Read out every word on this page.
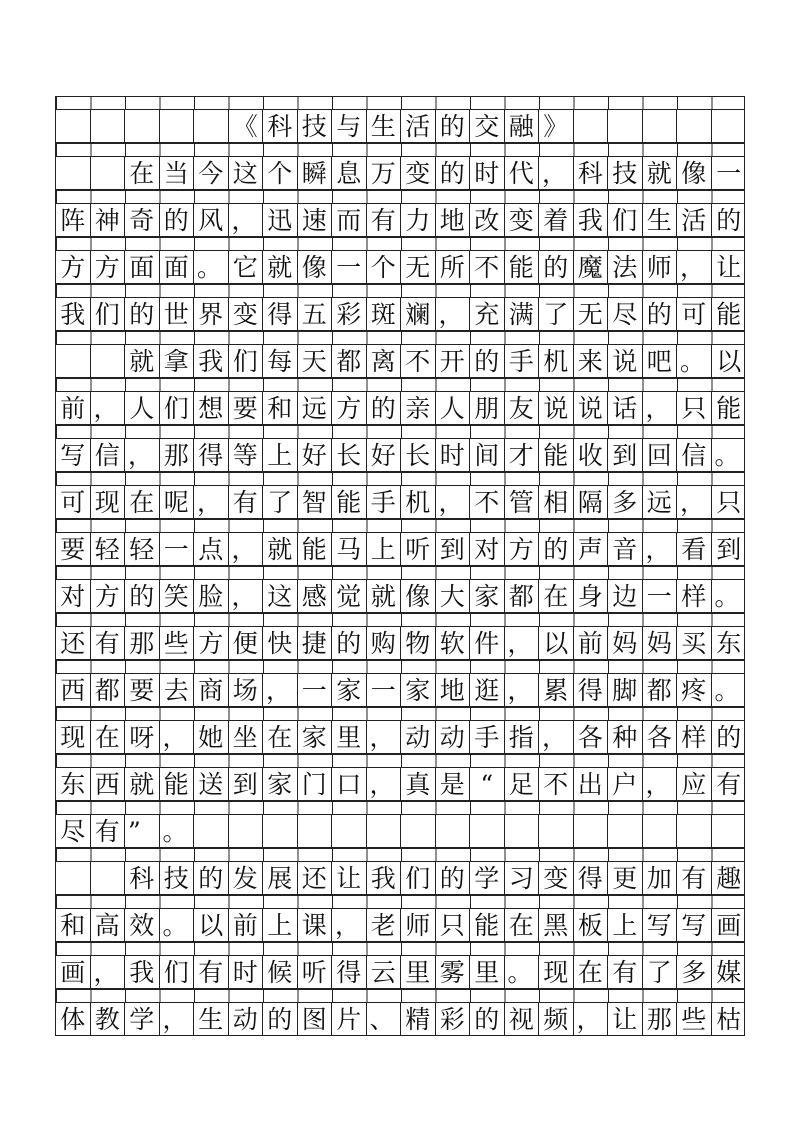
《 科 技 与 生 活 的 交 融 》
在 当 今 这 个 瞬 息 万 变 的 时 代 ， 科 技 就 像 一
阵 神 奇 的 风 ， 迅 速 而 有 力 地 改 变 着 我 们 生 活 的
方 方 面 面 。 它 就 像 一 个 无 所 不 能 的 魔 法 师 ， 让
我 们 的 世 界 变 得 五 彩 斑 斓 ， 充 满 了 无 尽 的 可 能
就 拿 我 们 每 天 都 离 不 开 的 手 机 来 说 吧 。 以
前 ， 人 们 想 要 和 远 方 的 亲 人 朋 友 说 说 话 ， 只 能
写 信 ， 那 得 等 上 好 长 好 长 时 间 才 能 收 到 回 信 。
可 现 在 呢 ， 有 了 智 能 手 机 ， 不 管 相 隔 多 远 ， 只
要 轻 轻 一 点 ， 就 能 马 上 听 到 对 方 的 声 音 ， 看 到
对 方 的 笑 脸 ， 这 感 觉 就 像 大 家 都 在 身 边 一 样 。
还 有 那 些 方 便 快 捷 的 购 物 软 件 ， 以 前 妈 妈 买 东
西 都 要 去 商 场 ， 一 家 一 家 地 逛 ， 累 得 脚 都 疼 。
现 在 呀 ， 她 坐 在 家 里 ， 动 动 手 指 ， 各 种 各 样 的
东 西 就 能 送 到 家 门 口 ， 真 是 “ 足 不 出 户 ， 应 有
尽 有 ” 。
科 技 的 发 展 还 让 我 们 的 学 习 变 得 更 加 有 趣
和 高 效 。 以 前 上 课 ， 老 师 只 能 在 黑 板 上 写 写 画
画 ， 我 们 有 时 候 听 得 云 里 雾 里 。 现 在 有 了 多 媒
体 教 学 ， 生 动 的 图 片 、 精 彩 的 视 频 ， 让 那 些 枯
